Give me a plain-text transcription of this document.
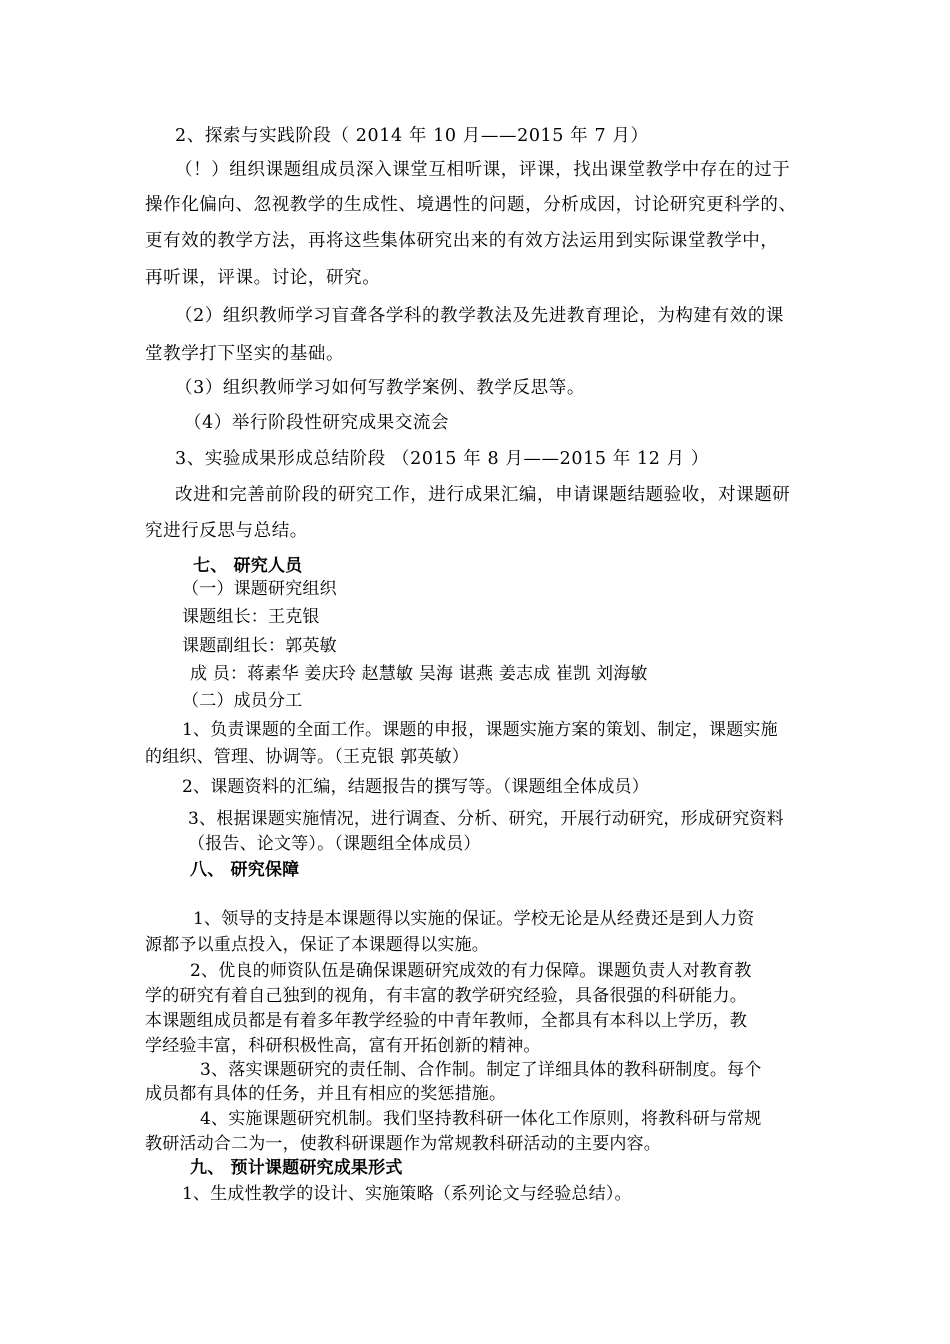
2、探索与实践阶段（ 2014 年 10 月——2015 年 7 月）
（！）组织课题组成员深入课堂互相听课，评课，找出课堂教学中存在的过于
操作化偏向、忽视教学的生成性、境遇性的问题，分析成因，讨论研究更科学的、
更有效的教学方法，再将这些集体研究出来的有效方法运用到实际课堂教学中，
再听课，评课。讨论，研究。
（2）组织教师学习盲聋各学科的教学教法及先进教育理论，为构建有效的课
堂教学打下坚实的基础。
（3）组织教师学习如何写教学案例、教学反思等。
（4）举行阶段性研究成果交流会
3、实验成果形成总结阶段 （2015 年 8 月——2015 年 12 月 ）
改进和完善前阶段的研究工作，进行成果汇编，申请课题结题验收，对课题研
究进行反思与总结。
七、 研究人员
（一）课题研究组织
课题组长：王克银
课题副组长：郭英敏
成 员：蒋素华 姜庆玲 赵慧敏 吴海 谌燕 姜志成 崔凯 刘海敏
（二）成员分工
1、负责课题的全面工作。课题的申报，课题实施方案的策划、制定，课题实施
的组织、管理、协调等。（王克银 郭英敏）
2、课题资料的汇编，结题报告的撰写等。（课题组全体成员）
3、根据课题实施情况，进行调查、分析、研究，开展行动研究，形成研究资料
（报告、论文等）。（课题组全体成员）
八、 研究保障
1、领导的支持是本课题得以实施的保证。学校无论是从经费还是到人力资
源都予以重点投入，保证了本课题得以实施。
2、优良的师资队伍是确保课题研究成效的有力保障。课题负责人对教育教
学的研究有着自己独到的视角，有丰富的教学研究经验，具备很强的科研能力。
本课题组成员都是有着多年教学经验的中青年教师，全都具有本科以上学历，教
学经验丰富，科研积极性高，富有开拓创新的精神。
3、落实课题研究的责任制、合作制。制定了详细具体的教科研制度。每个
成员都有具体的任务，并且有相应的奖惩措施。
4、实施课题研究机制。我们坚持教科研一体化工作原则，将教科研与常规
教研活动合二为一，使教科研课题作为常规教科研活动的主要内容。
九、 预计课题研究成果形式
1、生成性教学的设计、实施策略（系列论文与经验总结）。
